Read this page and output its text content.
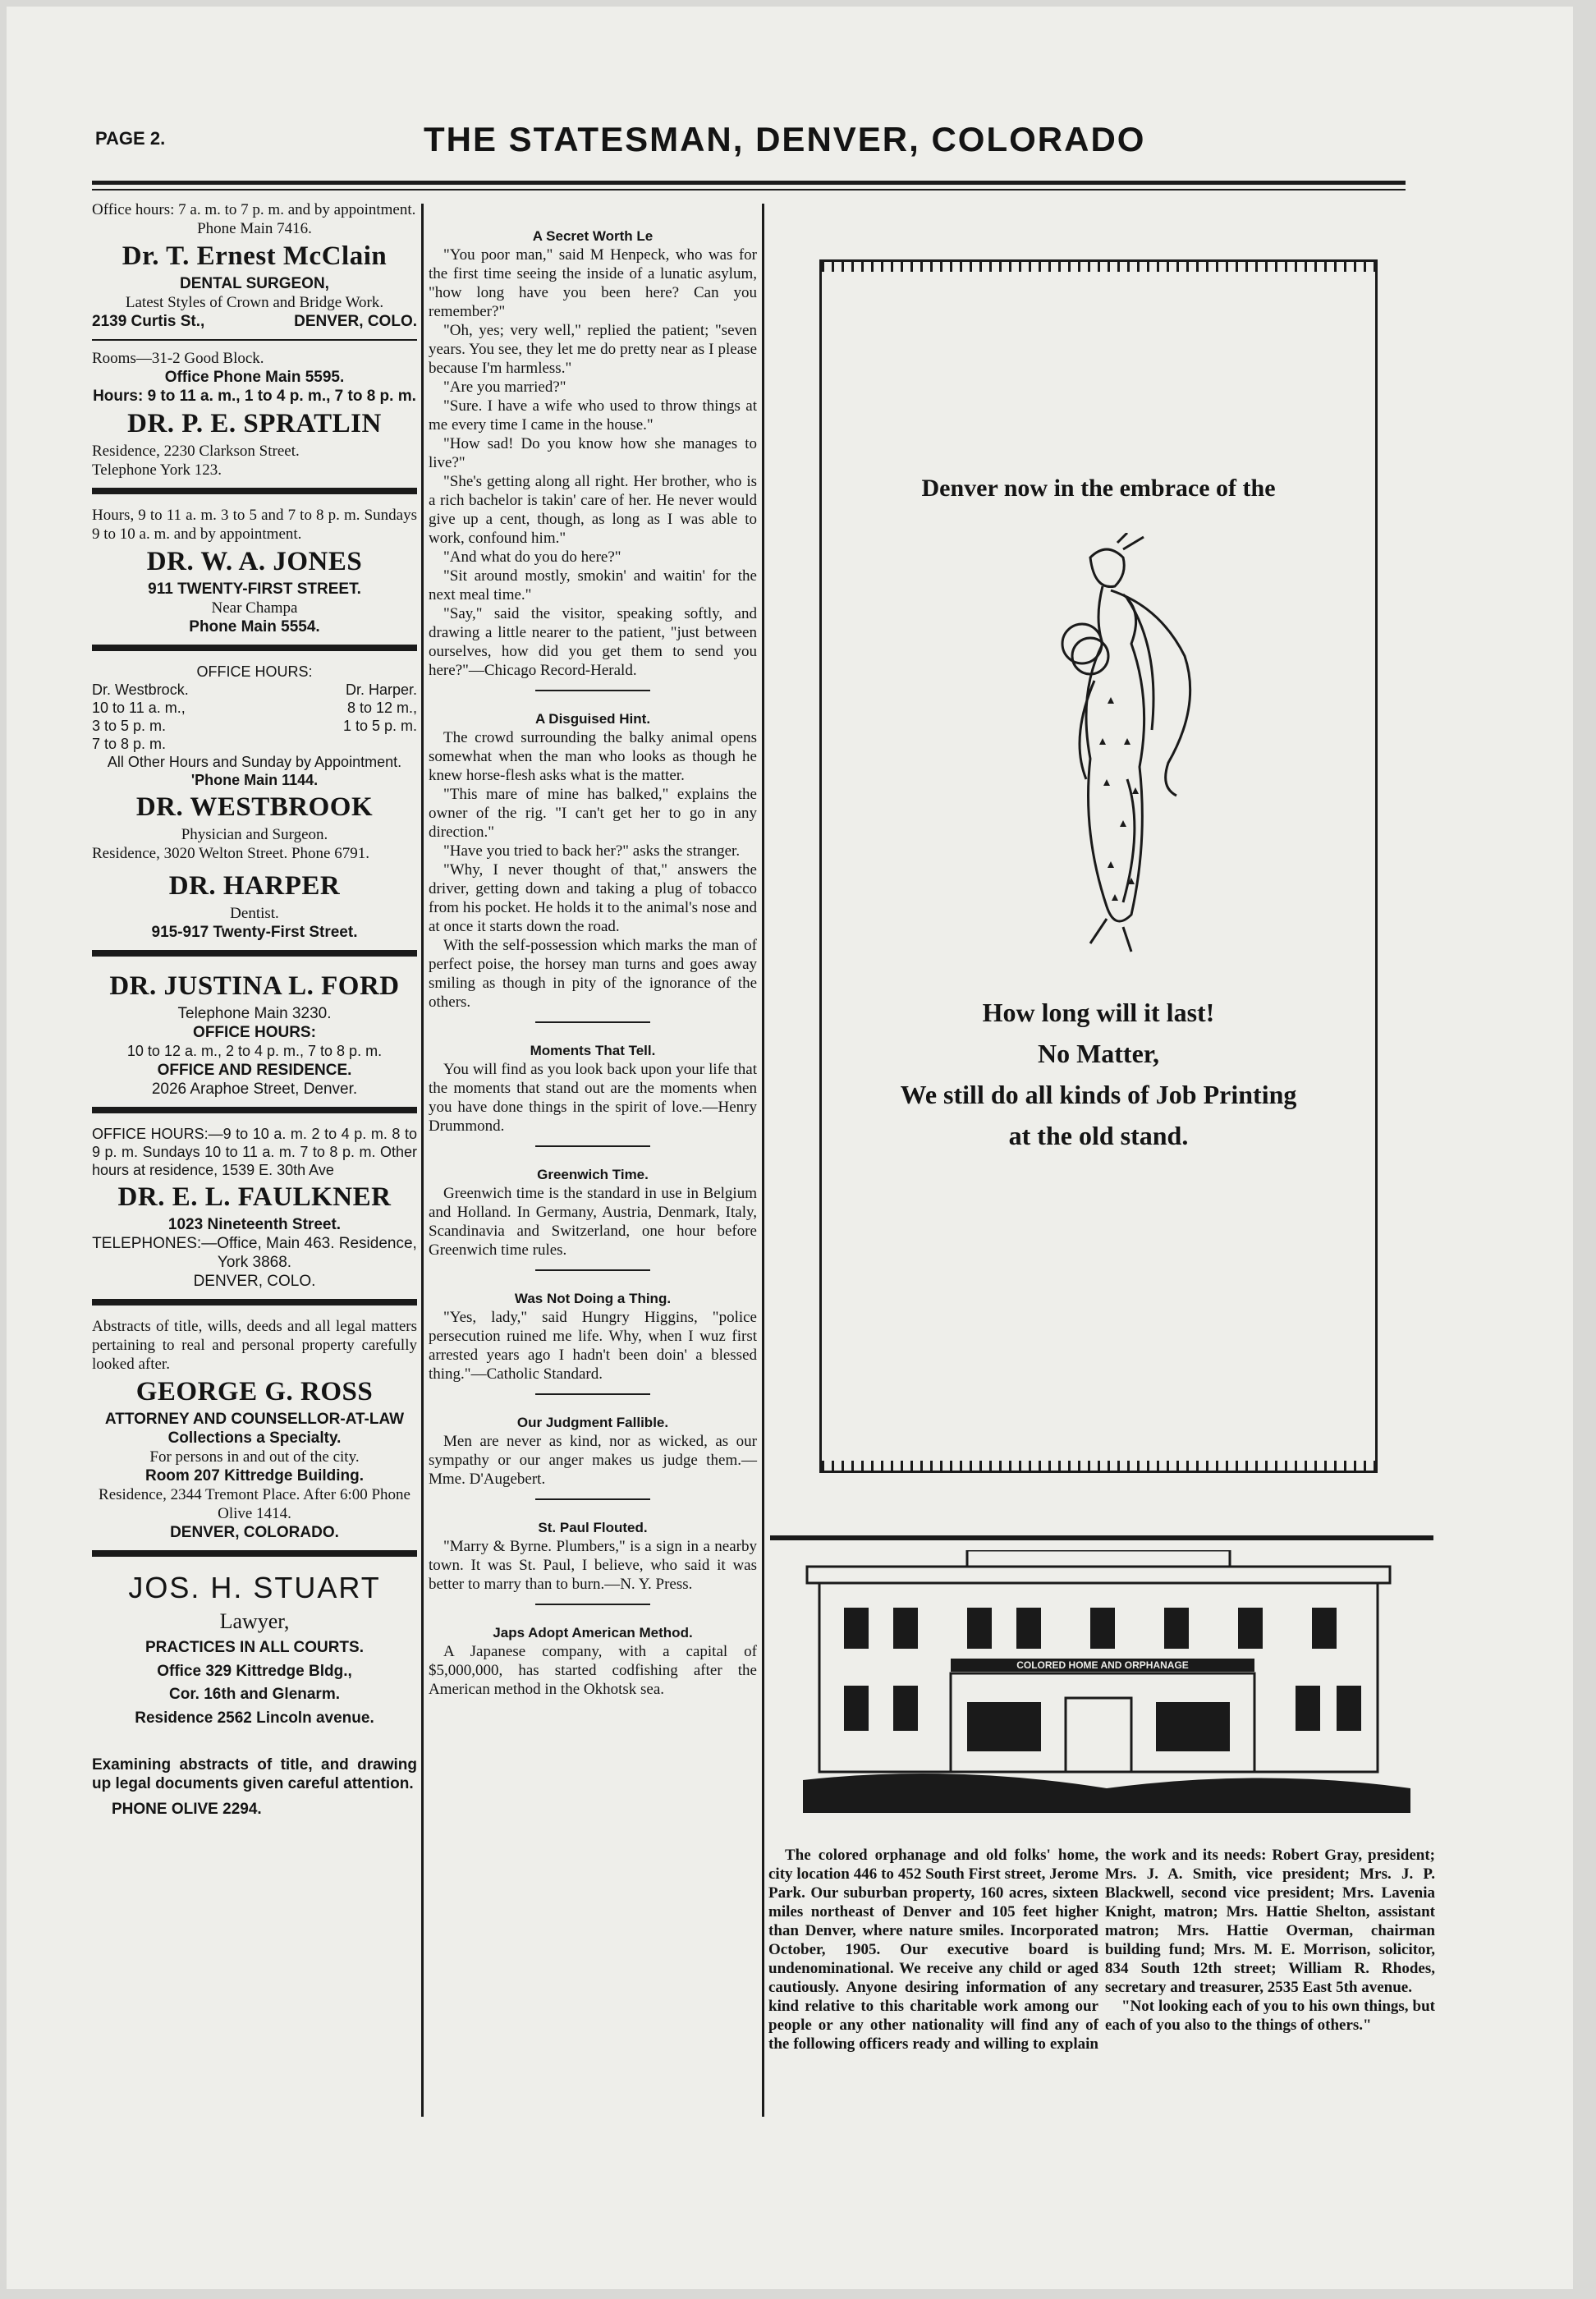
PAGE 2.	THE STATESMAN, DENVER, COLORADO
Office hours: 7 a. m. to 7 p. m. and by appointment.
Phone Main 7416.
Dr. T. Ernest McClain
DENTAL SURGEON,
Latest Styles of Crown and Bridge Work.
2139 Curtis St.,	DENVER, COLO.
Rooms—31-2 Good Block.
Office Phone Main 5595.
Hours: 9 to 11 a. m., 1 to 4 p. m., 7 to 8 p. m.
DR. P. E. SPRATLIN
Residence, 2230 Clarkson Street.
Telephone York 123.
Hours, 9 to 11 a. m. 3 to 5 and 7 to 8 p. m. Sundays 9 to 10 a. m. and by appointment.
DR. W. A. JONES
911 TWENTY-FIRST STREET.
Near Champa
Phone Main 5554.
OFFICE HOURS:
Dr. Westbrock.	Dr. Harper.
10 to 11 a. m.,	8 to 12 m.,
3 to 5 p. m.	1 to 5 p. m.
7 to 8 p. m.
All Other Hours and Sunday by Appointment.
'Phone Main 1144.
DR. WESTBROOK
Physician and Surgeon.
Residence, 3020 Welton Street. Phone 6791.
DR. HARPER
Dentist.
915-917 Twenty-First Street.
DR. JUSTINA L. FORD
Telephone Main 3230.
OFFICE HOURS:
10 to 12 a. m., 2 to 4 p. m., 7 to 8 p. m.
OFFICE AND RESIDENCE.
2026 Araphoe Street, Denver.
OFFICE HOURS:—9 to 10 a. m. 2 to 4 p. m. 8 to 9 p. m. Sundays 10 to 11 a. m. 7 to 8 p. m. Other hours at residence, 1539 E. 30th Ave
DR. E. L. FAULKNER
1023 Nineteenth Street.
TELEPHONES:—Office, Main 463. Residence, York 3868.
DENVER, COLO.
Abstracts of title, wills, deeds and all legal matters pertaining to real and personal property carefully looked after.
GEORGE G. ROSS
ATTORNEY AND COUNSELLOR-AT-LAW
Collections a Specialty.
For persons in and out of the city.
Room 207 Kittredge Building.
Residence, 2344 Tremont Place. After 6:00 Phone Olive 1414.
DENVER, COLORADO.
JOS. H. STUART
Lawyer,
PRACTICES IN ALL COURTS.
Office 329 Kittredge Bldg.,
Cor. 16th and Glenarm.
Residence 2562 Lincoln avenue.
Examining abstracts of title, and drawing up legal documents given careful attention.
PHONE OLIVE 2294.
A Secret Worth Le

"You poor man," said M Henpeck, who was for the first time seeing the inside of a lunatic asylum, "how long have you been here? Can you remember?"

"Oh, yes; very well," replied the patient; "seven years. You see, they let me do pretty near as I please because I'm harmless."

"Are you married?"

"Sure. I have a wife who used to throw things at me every time I came in the house."

"How sad! Do you know how she manages to live?"

"She's getting along all right. Her brother, who is a rich bachelor is takin' care of her. He never would give up a cent, though, as long as I was able to work, confound him."

"And what do you do here?"

"Sit around mostly, smokin' and waitin' for the next meal time."

"Say," said the visitor, speaking softly, and drawing a little nearer to the patient, "just between ourselves, how did you get them to send you here?"—Chicago Record-Herald.

A Disguised Hint.

The crowd surrounding the balky animal opens somewhat when the man who looks as though he knew horse-flesh asks what is the matter.

"This mare of mine has balked," explains the owner of the rig. "I can't get her to go in any direction."

"Have you tried to back her?" asks the stranger.

"Why, I never thought of that," answers the driver, getting down and taking a plug of tobacco from his pocket. He holds it to the animal's nose and at once it starts down the road.

With the self-possession which marks the man of perfect poise, the horsey man turns and goes away smiling as though in pity of the ignorance of the others.

Moments That Tell.

You will find as you look back upon your life that the moments that stand out are the moments when you have done things in the spirit of love.—Henry Drummond.

Greenwich Time.

Greenwich time is the standard in use in Belgium and Holland. In Germany, Austria, Denmark, Italy, Scandinavia and Switzerland, one hour before Greenwich time rules.

Was Not Doing a Thing.

"Yes, lady," said Hungry Higgins, "police persecution ruined me life. Why, when I wuz first arrested years ago I hadn't been doin' a blessed thing."—Catholic Standard.

Our Judgment Fallible.

Men are never as kind, nor as wicked, as our sympathy or our anger makes us judge them.—Mme. D'Augebert.

St. Paul Flouted.

"Marry & Byrne. Plumbers," is a sign in a nearby town. It was St. Paul, I believe, who said it was better to marry than to burn.—N. Y. Press.

Japs Adopt American Method.

A Japanese company, with a capital of $5,000,000, has started codfishing after the American method in the Okhotsk sea.

Denver now in the embrace of the
How long will it last!
No Matter,
We still do all kinds of Job Printing
at the old stand.
COLORED HOME AND ORPHANAGE
The colored orphanage and old folks' home, city location 446 to 452 South First street, Jerome Park. Our suburban property, 160 acres, sixteen miles northeast of Denver and 105 feet higher than Denver, where nature smiles. Incorporated October, 1905. Our executive board is undenominational. We receive any child or aged cautiously. Anyone desiring information of any kind relative to this charitable work among our people or any other nationality will find any of the following officers ready and willing to explain the work and its needs: Robert Gray, president; Mrs. J. A. Smith, vice president; Mrs. J. P. Blackwell, second vice president; Mrs. Lavenia Knight, matron; Mrs. Hattie Shelton, assistant matron; Mrs. Hattie Overman, chairman building fund; Mrs. M. E. Morrison, solicitor, 834 South 12th street; William R. Rhodes, secretary and treasurer, 2535 East 5th avenue.
"Not looking each of you to his own things, but each of you also to the things of others."
